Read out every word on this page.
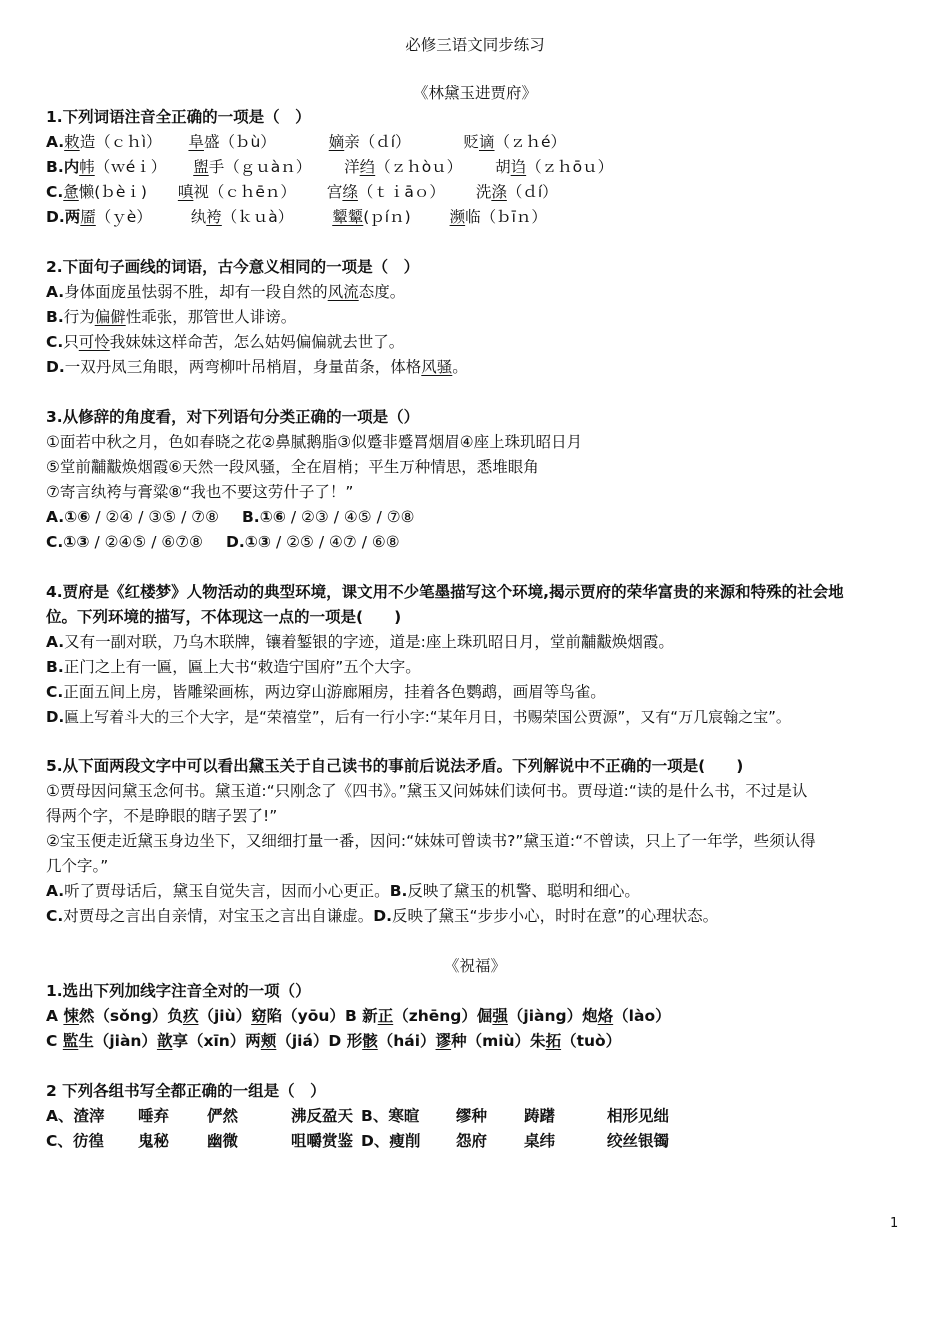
必修三语文同步练习
《林黛玉进贾府》
1.下列词语注音全正确的一项是（　）
A.敕造（ｃｈì） 阜盛（ｂù）	嫡亲（ｄí）	贬谪（ｚｈé）
B.内帏（ｗéｉ） 盥手（ｇｕàｎ） 洋绉（ｚｈòｕ） 胡诌（ｚｈōｕ）
C.惫懒(ｂèｉ) 嗔视（ｃｈēｎ） 宫绦（ｔｉāｏ） 洗涤（ｄí）
D.两靥（ｙè）	纨袴（ｋｕà）	颦颦(ｐíｎ)	濒临（ｂīｎ）
2.下面句子画线的词语，古今意义相同的一项是（　）
A.身体面庞虽怯弱不胜，却有一段自然的风流态度。
B.行为偏僻性乖张，那管世人诽谤。
C.只可怜我妹妹这样命苦，怎么姑妈偏偏就去世了。
D.一双丹凤三角眼，两弯柳叶吊梢眉，身量苗条，体格风骚。
3.从修辞的角度看，对下列语句分类正确的一项是（）
①面若中秋之月，色如春晓之花②鼻腻鹅脂③似蹙非蹙罥烟眉④座上珠玑昭日月
⑤堂前黼黻焕烟霞⑥天然一段风骚，全在眉梢；平生万种情思，悉堆眼角
⑦寄言纨袴与膏粱⑧“我也不要这劳什子了！”
A.①⑥ / ②④ / ③⑤ / ⑦⑧ B.①⑥ / ②③ / ④⑤ / ⑦⑧
C.①③ / ②④⑤ / ⑥⑦⑧ D.①③ / ②⑤ / ④⑦ / ⑥⑧
4.贾府是《红楼梦》人物活动的典型环境，课文用不少笔墨描写这个环境,揭示贾府的荣华富贵的来源和特殊的社会地
位。下列环境的描写，不体现这一点的一项是(　　)
A.又有一副对联，乃乌木联牌，镶着錾银的字迹，道是:座上珠玑昭日月，堂前黼黻焕烟霞。
B.正门之上有一匾，匾上大书“敕造宁国府”五个大字。
C.正面五间上房，皆雕梁画栋，两边穿山游廊厢房，挂着各色鹦鹉，画眉等鸟雀。
D.匾上写着斗大的三个大字，是“荣禧堂”，后有一行小字:“某年月日，书赐荣国公贾源”，又有“万几宸翰之宝”。
5.从下面两段文字中可以看出黛玉关于自己读书的事前后说法矛盾。下列解说中不正确的一项是(　　)
①贾母因问黛玉念何书。黛玉道:“只刚念了《四书》。”黛玉又问姊妹们读何书。贾母道:“读的是什么书，不过是认
得两个字，不是睁眼的瞎子罢了!”
②宝玉便走近黛玉身边坐下，又细细打量一番，因问:“妹妹可曾读书?”黛玉道:“不曾读，只上了一年学，些须认得
几个字。”
A.听了贾母话后，黛玉自觉失言，因而小心更正。B.反映了黛玉的机警、聪明和细心。
C.对贾母之言出自亲情，对宝玉之言出自谦虚。D.反映了黛玉“步步小心，时时在意”的心理状态。
《祝福》
1.选出下列加线字注音全对的一项（）
A 悚然（sǒng）负疚（jiù）窈陷（yōu）B 新正（zhēng）倔强（jiàng）炮烙（lào）
C 監生（jiàn）歆享（xīn）两颊（jiá）D 形骸（hái）谬种（miù）朱拓（tuò）
2 下列各组书写全都正确的一组是（　）
A、渣滓 唾弃 俨然	沸反盈天 B、寒暄 缪种 踌躇	相形见绌
C、彷徨 鬼秘 幽微	咀嚼赏鉴 D、瘦削 怨府 桌纬	绞丝银镯
1
